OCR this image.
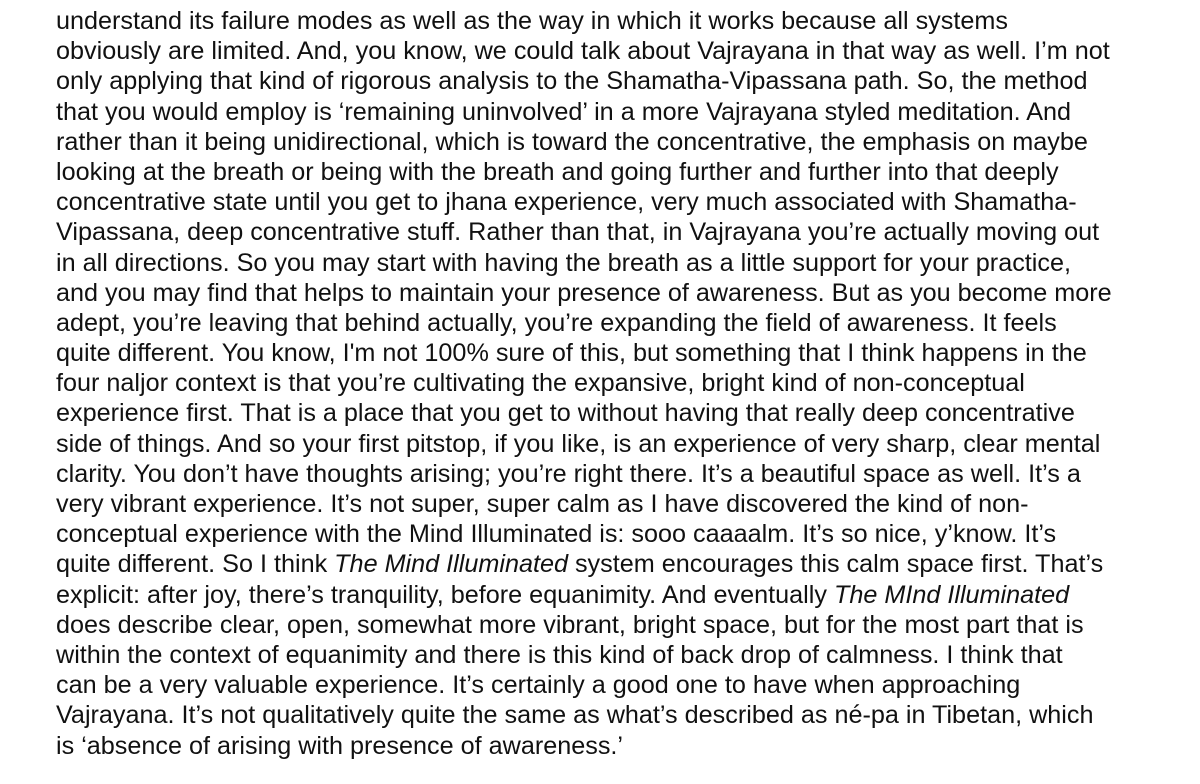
understand its failure modes as well as the way in which it works because all systems
obviously are limited. And, you know, we could talk about Vajrayana in that way as well. I’m not
only applying that kind of rigorous analysis to the Shamatha-Vipassana path. So, the method
that you would employ is ‘remaining uninvolved’ in a more Vajrayana styled meditation. And
rather than it being unidirectional, which is toward the concentrative, the emphasis on maybe
looking at the breath or being with the breath and going further and further into that deeply
concentrative state until you get to jhana experience, very much associated with Shamatha-
Vipassana, deep concentrative stuff. Rather than that, in Vajrayana you’re actually moving out
in all directions. So you may start with having the breath as a little support for your practice,
and you may find that helps to maintain your presence of awareness. But as you become more
adept, you’re leaving that behind actually, you’re expanding the field of awareness. It feels
quite different. You know, I'm not 100% sure of this, but something that I think happens in the
four naljor context is that you’re cultivating the expansive, bright kind of non-conceptual
experience first. That is a place that you get to without having that really deep concentrative
side of things. And so your first pitstop, if you like, is an experience of very sharp, clear mental
clarity. You don’t have thoughts arising; you’re right there. It’s a beautiful space as well. It’s a
very vibrant experience. It’s not super, super calm as I have discovered the kind of non-
conceptual experience with the Mind Illuminated is: sooo caaaalm. It’s so nice, y’know. It’s
quite different. So I think The Mind Illuminated system encourages this calm space first. That’s
explicit: after joy, there’s tranquility, before equanimity. And eventually The MInd Illuminated
does describe clear, open, somewhat more vibrant, bright space, but for the most part that is
within the context of equanimity and there is this kind of back drop of calmness. I think that
can be a very valuable experience. It’s certainly a good one to have when approaching
Vajrayana. It’s not qualitatively quite the same as what’s described as né-pa in Tibetan, which
is ‘absence of arising with presence of awareness.’
